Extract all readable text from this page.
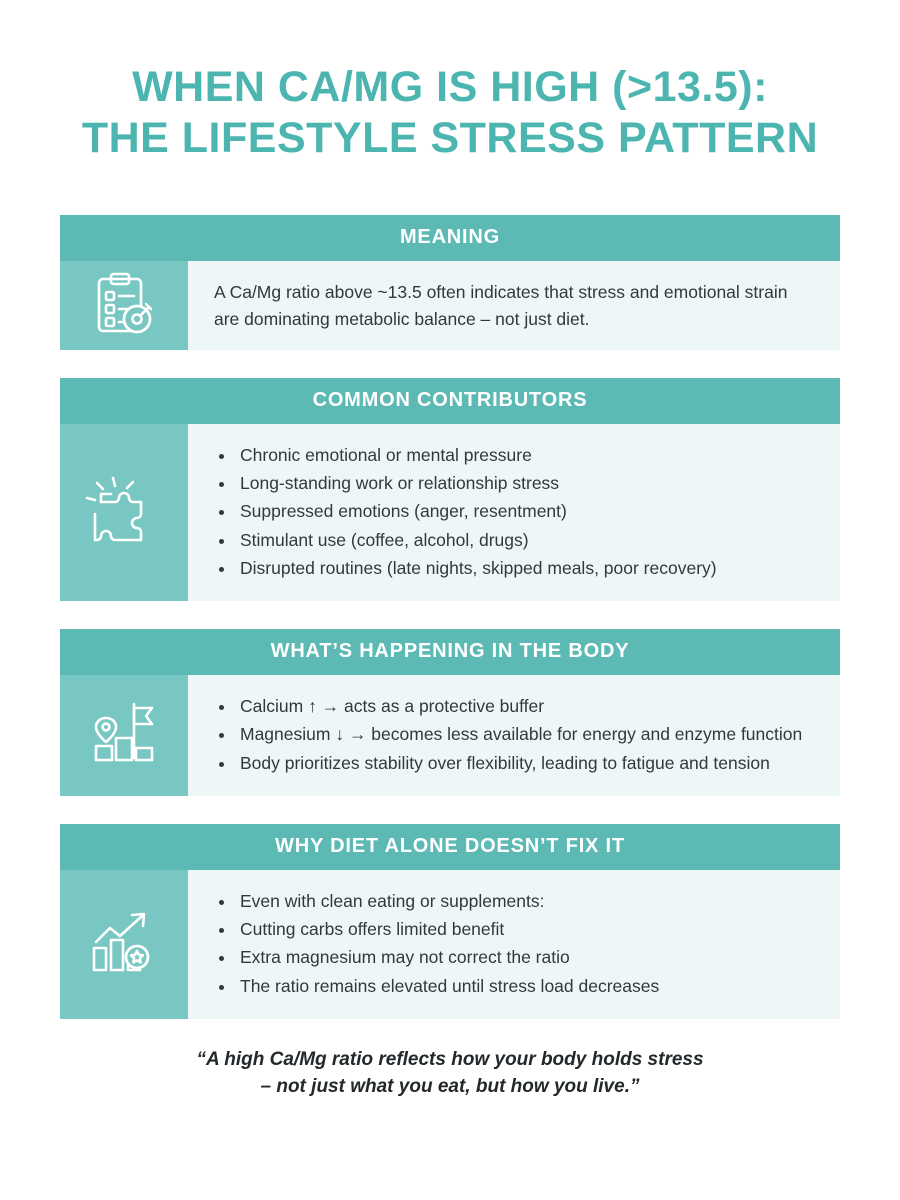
WHEN CA/MG IS HIGH (>13.5):
THE LIFESTYLE STRESS PATTERN
MEANING

A Ca/Mg ratio above ~13.5 often indicates that stress and emotional strain are dominating metabolic balance – not just diet.

COMMON CONTRIBUTORS
• Chronic emotional or mental pressure
• Long-standing work or relationship stress
• Suppressed emotions (anger, resentment)
• Stimulant use (coffee, alcohol, drugs)
• Disrupted routines (late nights, skipped meals, poor recovery)
WHAT’S HAPPENING IN THE BODY
• Calcium ↑ → acts as a protective buffer
• Magnesium ↓ → becomes less available for energy and enzyme function
• Body prioritizes stability over flexibility, leading to fatigue and tension
WHY DIET ALONE DOESN’T FIX IT
• Even with clean eating or supplements:
• Cutting carbs offers limited benefit
• Extra magnesium may not correct the ratio
• The ratio remains elevated until stress load decreases
“A high Ca/Mg ratio reflects how your body holds stress
– not just what you eat, but how you live.”
